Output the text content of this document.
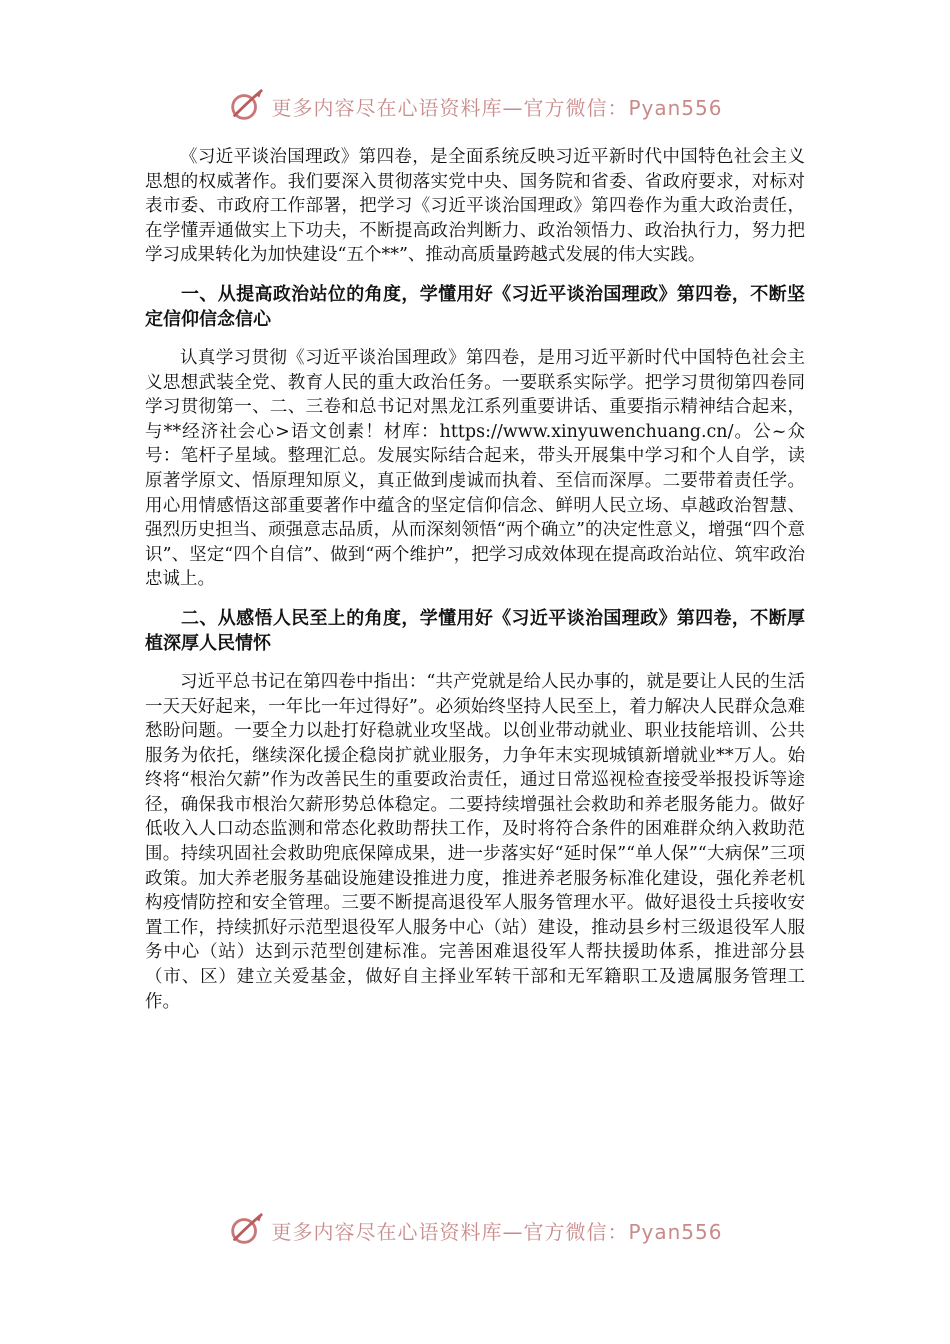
更多内容尽在心语资料库—官方微信：Pyan556

《习近平谈治国理政》第四卷，是全面系统反映习近平新时代中国特色社会主义思想的权威著作。我们要深入贯彻落实党中央、国务院和省委、省政府要求，对标对表市委、市政府工作部署，把学习《习近平谈治国理政》第四卷作为重大政治责任，在学懂弄通做实上下功夫，不断提高政治判断力、政治领悟力、政治执行力，努力把学习成果转化为加快建设“五个**”、推动高质量跨越式发展的伟大实践。

一、从提高政治站位的角度，学懂用好《习近平谈治国理政》第四卷，不断坚定信仰信念信心

认真学习贯彻《习近平谈治国理政》第四卷，是用习近平新时代中国特色社会主义思想武装全党、教育人民的重大政治任务。一要联系实际学。把学习贯彻第四卷同学习贯彻第一、二、三卷和总书记对黑龙江系列重要讲话、重要指示精神结合起来，与**经济社会心>语文创素！材库：https://www.xinyuwenchuang.cn/。公~众号：笔杆子星域。整理汇总。发展实际结合起来，带头开展集中学习和个人自学，读原著学原文、悟原理知原义，真正做到虔诚而执着、至信而深厚。二要带着责任学。用心用情感悟这部重要著作中蕴含的坚定信仰信念、鲜明人民立场、卓越政治智慧、强烈历史担当、顽强意志品质，从而深刻领悟“两个确立”的决定性意义，增强“四个意识”、坚定“四个自信”、做到“两个维护”，把学习成效体现在提高政治站位、筑牢政治忠诚上。

二、从感悟人民至上的角度，学懂用好《习近平谈治国理政》第四卷，不断厚植深厚人民情怀

习近平总书记在第四卷中指出：“共产党就是给人民办事的，就是要让人民的生活一天天好起来，一年比一年过得好”。必须始终坚持人民至上，着力解决人民群众急难愁盼问题。一要全力以赴打好稳就业攻坚战。以创业带动就业、职业技能培训、公共服务为依托，继续深化援企稳岗扩就业服务，力争年末实现城镇新增就业**万人。始终将“根治欠薪”作为改善民生的重要政治责任，通过日常巡视检查接受举报投诉等途径，确保我市根治欠薪形势总体稳定。二要持续增强社会救助和养老服务能力。做好低收入人口动态监测和常态化救助帮扶工作，及时将符合条件的困难群众纳入救助范围。持续巩固社会救助兜底保障成果，进一步落实好“延时保”“单人保”“大病保”三项政策。加大养老服务基础设施建设推进力度，推进养老服务标准化建设，强化养老机构疫情防控和安全管理。三要不断提高退役军人服务管理水平。做好退役士兵接收安置工作，持续抓好示范型退役军人服务中心（站）建设，推动县乡村三级退役军人服务中心（站）达到示范型创建标准。完善困难退役军人帮扶援助体系，推进部分县（市、区）建立关爱基金，做好自主择业军转干部和无军籍职工及遗属服务管理工作。

更多内容尽在心语资料库—官方微信：Pyan556
